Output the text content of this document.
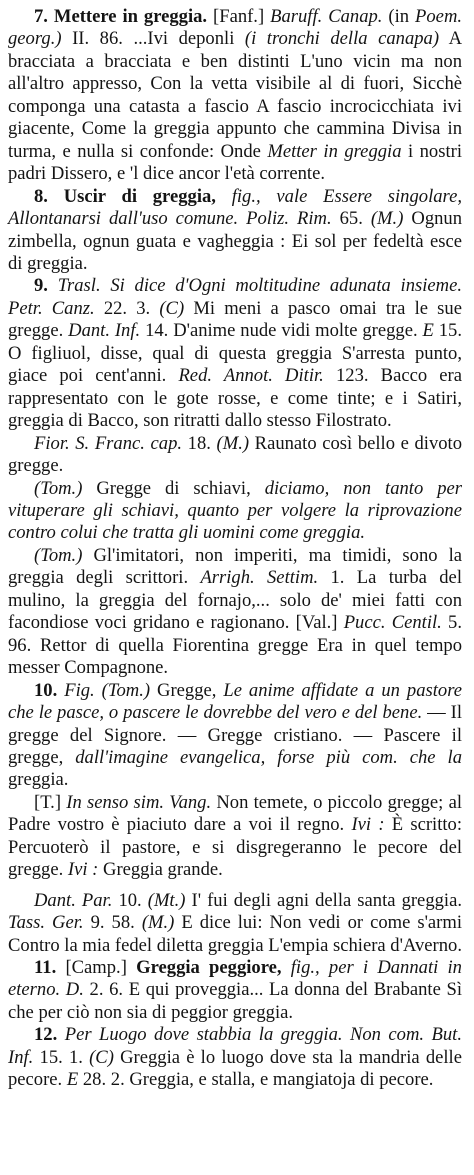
7. Mettere in greggia. [Fanf.] Baruff. Canap. (in Poem. georg.) II. 86. ...Ivi deponli (i tronchi della canapa) A bracciata a bracciata e ben distinti L'uno vicin ma non all'altro appresso, Con la vetta visibile al di fuori, Sicchè componga una catasta a fascio A fascio incrocicchiata ivi giacente, Come la greggia appunto che cammina Divisa in turma, e nulla si confonde: Onde Metter in greggia i nostri padri Dissero, e 'l dice ancor l'età corrente.

8. Uscir di greggia, fig., vale Essere singolare, Allontanarsi dall'uso comune. Poliz. Rim. 65. (M.) Ognun zimbella, ognun guata e vagheggia : Ei sol per fedeltà esce di greggia.

9. Trasl. Si dice d'Ogni moltitudine adunata insieme. Petr. Canz. 22. 3. (C) Mi meni a pasco omai tra le sue gregge. Dant. Inf. 14. D'anime nude vidi molte gregge. E 15. O figliuol, disse, qual di questa greggia S'arresta punto, giace poi cent'anni. Red. Annot. Ditir. 123. Bacco era rappresentato con le gote rosse, e come tinte; e i Satiri, greggia di Bacco, son ritratti dallo stesso Filostrato.

Fior. S. Franc. cap. 18. (M.) Raunato così bello e divoto gregge.

(Tom.) Gregge di schiavi, diciamo, non tanto per vituperare gli schiavi, quanto per volgere la riprovazione contro colui che tratta gli uomini come greggia.

(Tom.) Gl'imitatori, non imperiti, ma timidi, sono la greggia degli scrittori. Arrigh. Settim. 1. La turba del mulino, la greggia del fornajo,... solo de' miei fatti con facondiose voci gridano e ragionano. [Val.] Pucc. Centil. 5. 96. Rettor di quella Fiorentina gregge Era in quel tempo messer Compagnone.

10. Fig. (Tom.) Gregge, Le anime affidate a un pastore che le pasce, o pascere le dovrebbe del vero e del bene. — Il gregge del Signore. — Gregge cristiano. — Pascere il gregge, dall'imagine evangelica, forse più com. che la greggia.

[T.] In senso sim. Vang. Non temete, o piccolo gregge; al Padre vostro è piaciuto dare a voi il regno. Ivi : È scritto: Percuoterò il pastore, e si disgregeranno le pecore del gregge. Ivi : Greggia grande.

Dant. Par. 10. (Mt.) I' fui degli agni della santa greggia. Tass. Ger. 9. 58. (M.) E dice lui: Non vedi or come s'armi Contro la mia fedel diletta greggia L'empia schiera d'Averno.

11. [Camp.] Greggia peggiore, fig., per i Dannati in eterno. D. 2. 6. E qui proveggia... La donna del Brabante Sì che per ciò non sia di peggior greggia.

12. Per Luogo dove stabbia la greggia. Non com. But. Inf. 15. 1. (C) Greggia è lo luogo dove sta la mandria delle pecore. E 28. 2. Greggia, e stalla, e mangiatoja di pecore.
